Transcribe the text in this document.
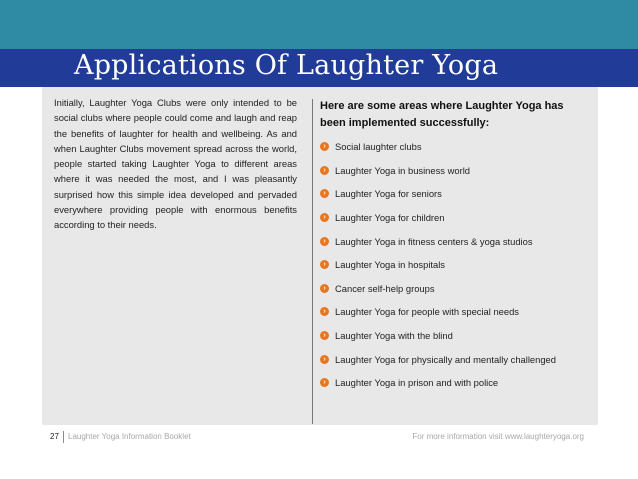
Applications Of Laughter Yoga
Initially, Laughter Yoga Clubs were only intended to be social clubs where people could come and laugh and reap the benefits of laughter for health and wellbeing. As and when Laughter Clubs movement spread across the world, people started taking Laughter Yoga to different areas where it was needed the most, and I was pleasantly surprised how this simple idea developed and pervaded everywhere providing people with enormous benefits according to their needs.
Here are some areas where Laughter Yoga has been implemented successfully:
› Social laughter clubs
› Laughter Yoga in business world
› Laughter Yoga for seniors
› Laughter Yoga for children
› Laughter Yoga in fitness centers & yoga studios
› Laughter Yoga in hospitals
› Cancer self-help groups
› Laughter Yoga for people with special needs
› Laughter Yoga with the blind
› Laughter Yoga for physically and mentally challenged
› Laughter Yoga in prison and with police
27 Laughter Yoga Information Booklet	For more information visit www.laughteryoga.org
